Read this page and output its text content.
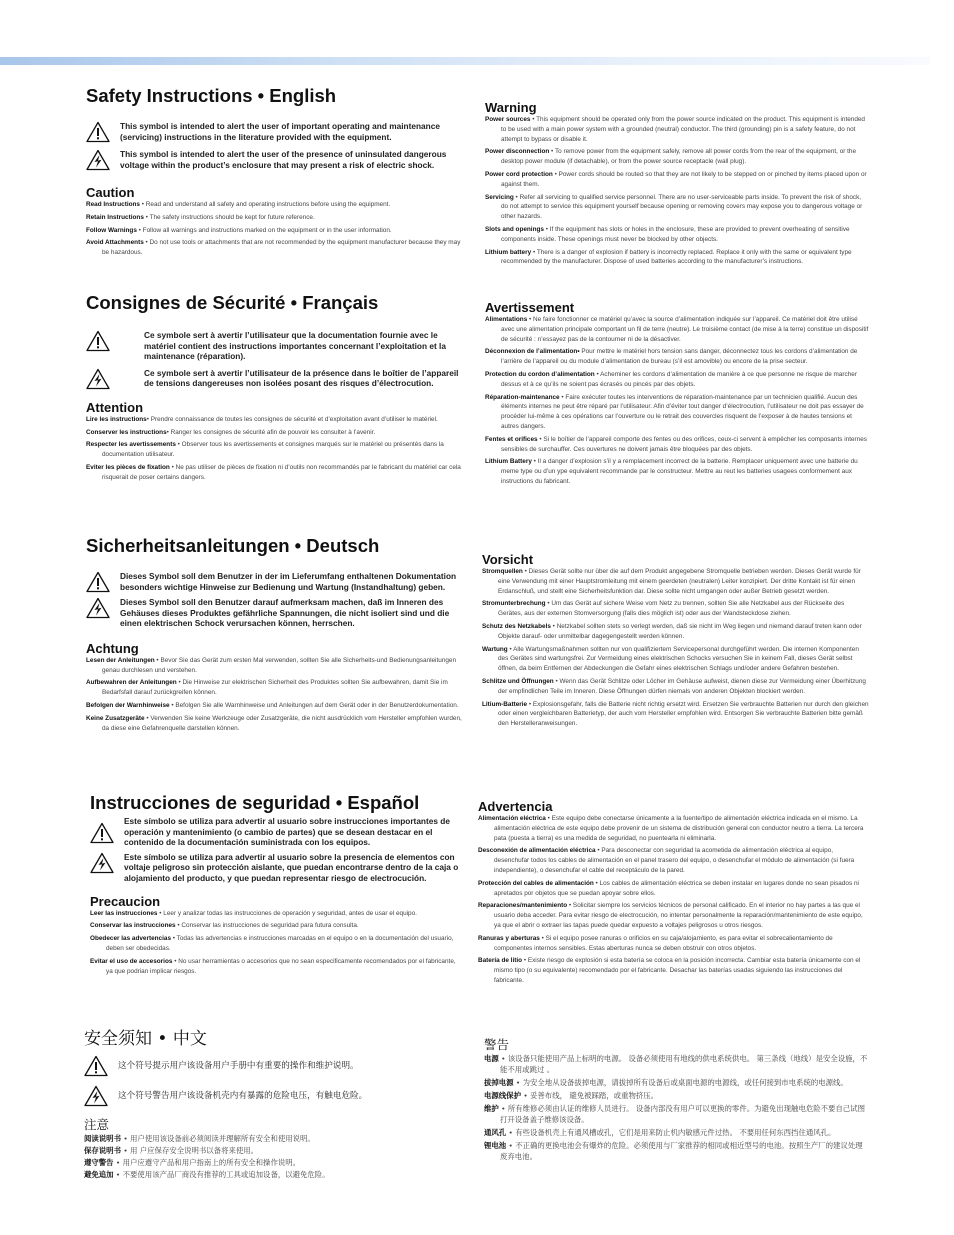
Safety Instructions • English
This symbol is intended to alert the user of important operating and maintenance (servicing) instructions in the literature provided with the equipment.
This symbol is intended to alert the user of the presence of uninsulated dangerous voltage within the product’s enclosure that may present a risk of electric shock.
Caution
Read Instructions • Read and understand all safety and operating instructions before using the equipment.
Retain Instructions • The safety instructions should be kept for future reference.
Follow Warnings • Follow all warnings and instructions marked on the equipment or in the user information.
Avoid Attachments • Do not use tools or attachments that are not recommended by the equipment manufacturer because they may be hazardous.
Warning
Power sources • This equipment should be operated only from the power source indicated on the product. This equipment is intended to be used with a main power system with a grounded (neutral) conductor. The third (grounding) pin is a safety feature, do not attempt to bypass or disable it.
Power disconnection • To remove power from the equipment safely, remove all power cords from the rear of the equipment, or the desktop power module (if detachable), or from the power source receptacle (wall plug).
Power cord protection • Power cords should be routed so that they are not likely to be stepped on or pinched by items placed upon or against them.
Servicing • Refer all servicing to qualified service personnel. There are no user-serviceable parts inside. To prevent the risk of shock, do not attempt to service this equipment yourself because opening or removing covers may expose you to dangerous voltage or other hazards.
Slots and openings • If the equipment has slots or holes in the enclosure, these are provided to prevent overheating of sensitive components inside. These openings must never be blocked by other objects.
Lithium battery • There is a danger of explosion if battery is incorrectly replaced. Replace it only with the same or equivalent type recommended by the manufacturer. Dispose of used batteries according to the manufacturer’s instructions.
Consignes de Sécurité • Français
Ce symbole sert à avertir l’utilisateur que la documentation fournie avec le matériel contient des instructions importantes concernant l’exploitation et la maintenance (réparation).
Ce symbole sert à avertir l’utilisateur de la présence dans le boîtier de l’appareil de tensions dangereuses non isolées posant des risques d’électrocution.
Attention
Lire les instructions• Prendre connaissance de toutes les consignes de sécurité et d’exploitation avant d’utiliser le matériel.
Conserver les instructions• Ranger les consignes de sécurité afin de pouvoir les consulter à l’avenir.
Respecter les avertissements • Observer tous les avertissements et consignes marqués sur le matériel ou présentés dans la documentation utilisateur.
Eviter les pièces de fixation • Ne pas utiliser de pièces de fixation ni d’outils non recommandés par le fabricant du matériel car cela risquerait de poser certains dangers.
Avertissement
Alimentations • Ne faire fonctionner ce matériel qu’avec la source d’alimentation indiquée sur l’appareil. Ce matériel doit être utilisé avec une alimentation principale comportant un fil de terre (neutre). Le troisième contact (de mise à la terre) constitue un dispositif de sécurité : n’essayez pas de la contourner ni de la désactiver.
Déconnexion de l’alimentation• Pour mettre le matériel hors tension sans danger, déconnectez tous les cordons d’alimentation de l’arrière de l’appareil ou du module d’alimentation de bureau (s’il est amovible) ou encore de la prise secteur.
Protection du cordon d’alimentation • Acheminer les cordons d’alimentation de manière à ce que personne ne risque de marcher dessus et à ce qu’ils ne soient pas écrasés ou pincés par des objets.
Réparation-maintenance • Faire exécuter toutes les interventions de réparation-maintenance par un technicien qualifié. Aucun des éléments internes ne peut être réparé par l’utilisateur. Afin d’éviter tout danger d’électrocution, l’utilisateur ne doit pas essayer de procéder lui-même à ces opérations car l’ouverture ou le retrait des couvercles risquent de l’exposer à de hautes tensions et autres dangers.
Fentes et orifices • Si le boîtier de l’appareil comporte des fentes ou des orifices, ceux-ci servent à empêcher les composants internes sensibles de surchauffer. Ces ouvertures ne doivent jamais être bloquées par des objets.
Lithium Battery • Il a danger d’explosion s’il y a remplacement incorrect de la batterie. Remplacer uniquement avec une batterie du meme type ou d’un ype equivalent recommande par le constructeur. Mettre au reut les batteries usagees conformement aux instructions du fabricant.
Sicherheitsanleitungen • Deutsch
Dieses Symbol soll dem Benutzer in der im Lieferumfang enthaltenen Dokumentation besonders wichtige Hinweise zur Bedienung und Wartung (Instandhaltung) geben.
Dieses Symbol soll den Benutzer darauf aufmerksam machen, daß im Inneren des Gehäuses dieses Produktes gefährliche Spannungen, die nicht isoliert sind und die einen elektrischen Schock verursachen können, herrschen.
Achtung
Lesen der Anleitungen • Bevor Sie das Gerät zum ersten Mal verwenden, sollten Sie alle Sicherheits-und Bedienungsanleitungen genau durchlesen und verstehen.
Aufbewahren der Anleitungen • Die Hinweise zur elektrischen Sicherheit des Produktes sollten Sie aufbewahren, damit Sie im Bedarfsfall darauf zurückgreifen können.
Befolgen der Warnhinweise • Befolgen Sie alle Warnhinweise und Anleitungen auf dem Gerät oder in der Benutzerdokumentation.
Keine Zusatzgeräte • Verwenden Sie keine Werkzeuge oder Zusatzgeräte, die nicht ausdrücklich vom Hersteller empfohlen wurden, da diese eine Gefahrenquelle darstellen können.
Vorsicht
Stromquellen • Dieses Gerät sollte nur über die auf dem Produkt angegebene Stromquelle betrieben werden. Dieses Gerät wurde für eine Verwendung mit einer Hauptstromleitung mit einem geerdeten (neutralen) Leiter konzipiert. Der dritte Kontakt ist für einen Erdanschluß, und stellt eine Sicherheitsfunktion dar. Diese sollte nicht umgangen oder außer Betrieb gesetzt werden.
Stromunterbrechung • Um das Gerät auf sichere Weise vom Netz zu trennen, sollten Sie alle Netzkabel aus der Rückseite des Gerätes, aus der externen Stomversorgung (falls dies möglich ist) oder aus der Wandsteckdose ziehen.
Schutz des Netzkabels • Netzkabel sollten stets so verlegt werden, daß sie nicht im Weg liegen und niemand darauf treten kann oder Objekte darauf- oder unmittelbar dagegengestellt werden können.
Wartung • Alle Wartungsmaßnahmen sollten nur von qualifiziertem Servicepersonal durchgeführt werden. Die internen Komponenten des Gerätes sind wartungsfrei. Zur Vermeidung eines elektrischen Schocks versuchen Sie in keinem Fall, dieses Gerät selbst öffnen, da beim Entfernen der Abdeckungen die Gefahr eines elektrischen Schlags und/oder andere Gefahren bestehen.
Schlitze und Öffnungen • Wenn das Gerät Schlitze oder Löcher im Gehäuse aufweist, dienen diese zur Vermeidung einer Überhitzung der empfindlichen Teile im Inneren. Diese Öffnungen dürfen niemals von anderen Objekten blockiert werden.
Litium-Batterie • Explosionsgefahr, falls die Batterie nicht richtig ersetzt wird. Ersetzen Sie verbrauchte Batterien nur durch den gleichen oder einen vergleichbaren Batterietyp, der auch vom Hersteller empfohlen wird. Entsorgen Sie verbrauchte Batterien bitte gemäß den Herstelleranweisungen.
Instrucciones de seguridad • Español
Este símbolo se utiliza para advertir al usuario sobre instrucciones importantes de operación y mantenimiento (o cambio de partes) que se desean destacar en el contenido de la documentación suministrada con los equipos.
Este símbolo se utiliza para advertir al usuario sobre la presencia de elementos con voltaje peligroso sin protección aislante, que puedan encontrarse dentro de la caja o alojamiento del producto, y que puedan representar riesgo de electrocución.
Precaucion
Leer las instrucciones • Leer y analizar todas las instrucciones de operación y seguridad, antes de usar el equipo.
Conservar las instrucciones • Conservar las instrucciones de seguridad para futura consulta.
Obedecer las advertencias • Todas las advertencias e instrucciones marcadas en el equipo o en la documentación del usuario, deben ser obedecidas.
Evitar el uso de accesorios • No usar herramientas o accesorios que no sean especificamente recomendados por el fabricante, ya que podrian implicar riesgos.
Advertencia
Alimentación eléctrica • Este equipo debe conectarse únicamente a la fuente/tipo de alimentación eléctrica indicada en el mismo. La alimentación eléctrica de este equipo debe provenir de un sistema de distribución general con conductor neutro a tierra. La tercera pata (puesta a tierra) es una medida de seguridad, no puentearla ni eliminarla.
Desconexión de alimentación eléctrica • Para desconectar con seguridad la acometida de alimentación eléctrica al equipo, desenchufar todos los cables de alimentación en el panel trasero del equipo, o desenchufar el módulo de alimentación (si fuera independiente), o desenchufar el cable del receptáculo de la pared.
Protección del cables de alimentación • Los cables de alimentación eléctrica se deben instalar en lugares donde no sean pisados ni apretados por objetos que se puedan apoyar sobre ellos.
Reparaciones/mantenimiento • Solicitar siempre los servicios técnicos de personal calificado. En el interior no hay partes a las que el usuario deba acceder. Para evitar riesgo de electrocución, no intentar personalmente la reparación/mantenimiento de este equipo, ya que el abrir o extraer las tapas puede quedar expuesto a voltajes peligrosos u otros riesgos.
Ranuras y aberturas • Si el equipo posee ranuras o orificios en su caja/alojamiento, es para evitar el sobrecalientamiento de componentes internos sensibles. Estas aberturas nunca se deben obstruir con otros objetos.
Batería de litio • Existe riesgo de explosión si esta batería se coloca en la posición incorrecta. Cambiar esta batería únicamente con el mismo tipo (o su equivalente) recomendado por el fabricante. Desachar las baterías usadas siguiendo las instrucciones del fabricante.
安全须知 • 中文
这个符号提示用户该设备用户手册中有重要的操作和维护说明。
这个符号警告用户该设备机壳内有暴露的危险电压，有触电危险。
注意
阅读说明书 • 用户使用该设备前必须阅读并理解所有安全和使用说明。
保存说明书 • 用 户应保存安全说明书以备将来使用。
遵守警告 • 用户应遵守产品和用户指南上的所有安全和操作说明。
避免追加 • 不要使用该产品厂商没有推荐的工具或追加设备，以避免危险。
警告
电源 • 该设备只能使用产品上标明的电源。 设备必须使用有地线的供电系统供电。 第三条线（地线）是安全设施，不能不用或跳过 。
拔掉电源 • 为安全地从设备拔掉电源，请拔掉所有设备后或桌面电源的电源线，或任何接到市电系统的电源线。
电源线保护 • 妥善布线， 避免被踩踏，或重物挤压。
维护 • 所有维修必须由认证的维修人员进行。 设备内部没有用户可以更换的零件。为避免出现触电危险不要自己试图打开设备盖子维修该设备。
通风孔 • 有些设备机壳上有通风槽或孔，它们是用来防止机内敏感元件过热。 不要用任何东西挡住通风孔。
锂电池 • 不正确的更换电池会有爆炸的危险。必须使用与厂家推荐的相同或相近型号的电池。按照生产厂的建议处理废弃电池。
